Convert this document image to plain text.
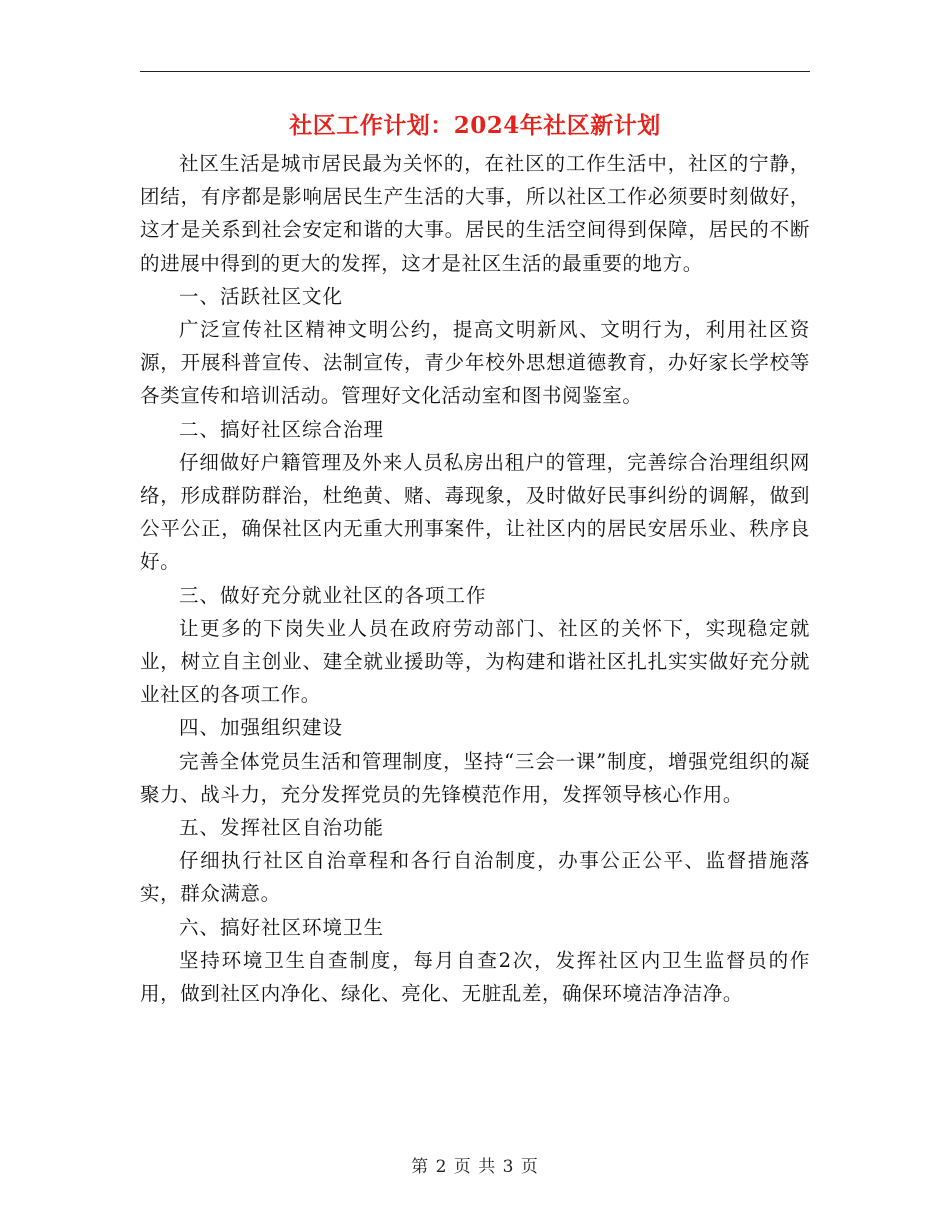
社区工作计划：2024年社区新计划

社区生活是城市居民最为关怀的，在社区的工作生活中，社区的宁静，团结，有序都是影响居民生产生活的大事，所以社区工作必须要时刻做好，这才是关系到社会安定和谐的大事。居民的生活空间得到保障，居民的不断的进展中得到的更大的发挥，这才是社区生活的最重要的地方。

一、活跃社区文化

广泛宣传社区精神文明公约，提高文明新风、文明行为，利用社区资源，开展科普宣传、法制宣传，青少年校外思想道德教育，办好家长学校等各类宣传和培训活动。管理好文化活动室和图书阅鉴室。

二、搞好社区综合治理

仔细做好户籍管理及外来人员私房出租户的管理，完善综合治理组织网络，形成群防群治，杜绝黄、赌、毒现象，及时做好民事纠纷的调解，做到公平公正，确保社区内无重大刑事案件，让社区内的居民安居乐业、秩序良好。

三、做好充分就业社区的各项工作

让更多的下岗失业人员在政府劳动部门、社区的关怀下，实现稳定就业，树立自主创业、建全就业援助等，为构建和谐社区扎扎实实做好充分就业社区的各项工作。

四、加强组织建设

完善全体党员生活和管理制度，坚持“三会一课”制度，增强党组织的凝聚力、战斗力，充分发挥党员的先锋模范作用，发挥领导核心作用。

五、发挥社区自治功能

仔细执行社区自治章程和各行自治制度，办事公正公平、监督措施落实，群众满意。

六、搞好社区环境卫生

坚持环境卫生自查制度，每月自查2次，发挥社区内卫生监督员的作用，做到社区内净化、绿化、亮化、无脏乱差，确保环境洁净洁净。

第 2 页 共 3 页
